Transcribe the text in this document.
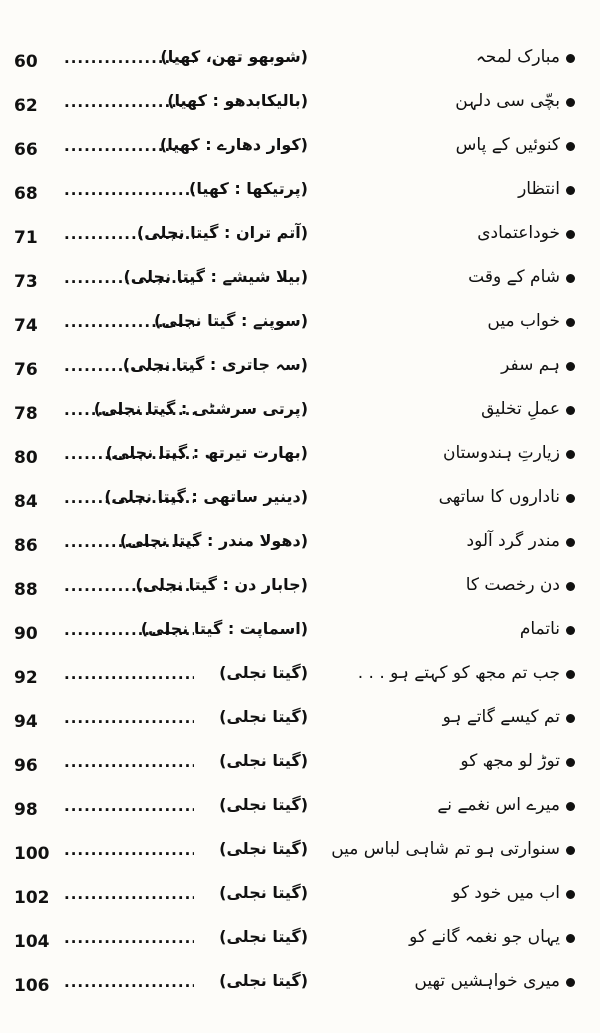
60 .....	(شوبھو تھن، کھیا)	مبارک لمحہ
62 .....	(بالیکابدھو : کھیا)	بچّی سی دلہن
66 .....	(کوار دھارے : کھیا)	کنوئیں کے پاس
68 .....	(پرتیکھا : کھیا)	انتظار
71 .....	(آتم تران : گیتا نجلی)	خوداعتمادی
73 .....	(بیلا شیشے : گیتا نجلی)	شام کے وقت
74 .....	(سوپنے : گیتا نجلی)	خواب میں
76 .....	(سہ جاتری : گیتا نجلی)	ہم سفر
78 .....	(پرتی سرشٹی : گیتا نجلی)	عملِ تخلیق
80 .....	(بھارت تیرتھ : گیتا نجلی)	زیارتِ ہندوستان
84 .....	(دینیر ساتھی : گیتا نجلی)	ناداروں کا ساتھی
86 .....	(دھولا مندر : گیتا نجلی)	مندر گرد آلود
88 .....	(جابار دن : گیتا نجلی)	دن رخصت کا
90 .....	(اسماپت : گیتا نجلی)	ناتمام
92 .....	(گیتا نجلی)	جب تم مجھ کو کہتے ہو . . .
94 .....	(گیتا نجلی)	تم کیسے گاتے ہو
96 .....	(گیتا نجلی)	توڑ لو مجھ کو
98 .....	(گیتا نجلی)	میرے اس نغمے نے
100 .....	(گیتا نجلی) سنوارتی ہو تم شاہی لباس میں
102 .....	(گیتا نجلی)	اب میں خود کو
104 .....	(گیتا نجلی)	یہاں جو نغمہ گانے کو
106 .....	(گیتا نجلی)	میری خواہشیں تھیں
